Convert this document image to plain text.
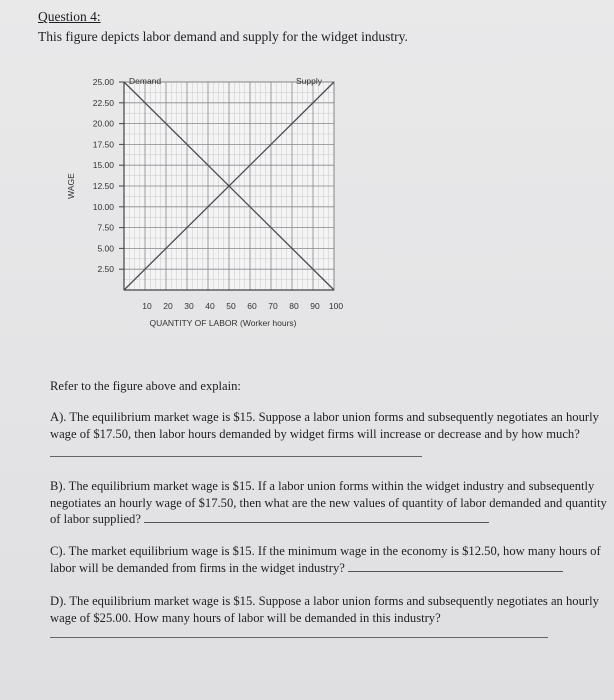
Question 4:
This figure depicts labor demand and supply for the widget industry.
25.00
22.50
20.00
17.50
15.00
12.50
10.00
7.50
5.00
2.50
10 20 30 40 50 60 70 80 90 100
Demand	Supply
QUANTITY OF LABOR (Worker hours)
WAGE
Refer to the figure above and explain:
A). The equilibrium market wage is $15. Suppose a labor union forms and subsequently negotiates an hourly wage of $17.50, then labor hours demanded by widget firms will increase or decrease and by how much?
B). The equilibrium market wage is $15. If a labor union forms within the widget industry and subsequently negotiates an hourly wage of $17.50, then what are the new values of quantity of labor demanded and quantity of labor supplied?
C). The market equilibrium wage is $15. If the minimum wage in the economy is $12.50, how many hours of labor will be demanded from firms in the widget industry?
D). The equilibrium market wage is $15. Suppose a labor union forms and subsequently negotiates an hourly wage of $25.00. How many hours of labor will be demanded in this industry?
